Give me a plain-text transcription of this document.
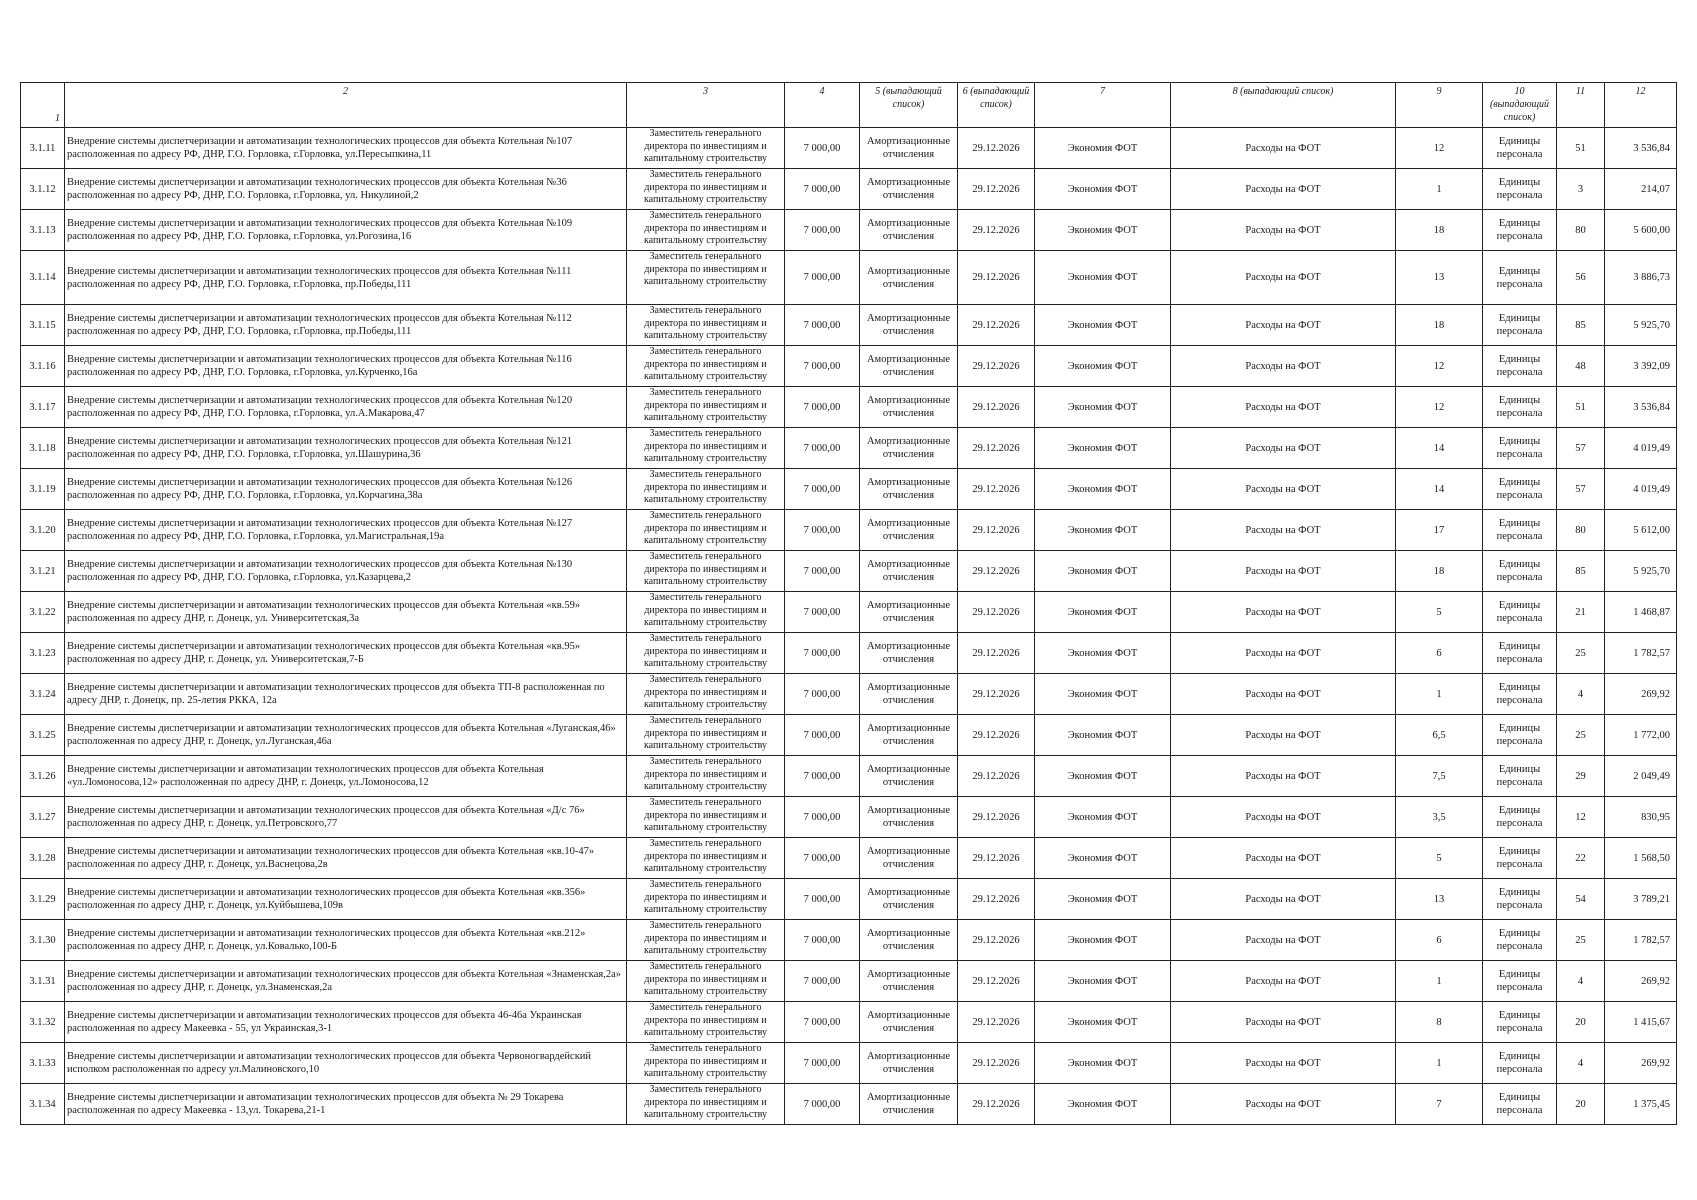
1	2	3	4	5 (выпадающий список)	6 (выпадающий список)	7	8 (выпадающий список)	9	10 (выпадающий список)	11	12
3.1.11	Внедрение системы диспетчеризации и автоматизации технологических процессов для объекта Котельная №107 расположенная по адресу РФ, ДНР, Г.О. Горловка, г.Горловка, ул.Пересыпкина,11	Заместитель генерального директора по инвестициям и капитальному строительству	7 000,00	Амортизационные отчисления	29.12.2026	Экономия ФОТ	Расходы на ФОТ	12	Единицы персонала	51	3 536,84
3.1.12	Внедрение системы диспетчеризации и автоматизации технологических процессов для объекта Котельная №36 расположенная по адресу РФ, ДНР, Г.О. Горловка, г.Горловка, ул. Никулиной,2	Заместитель генерального директора по инвестициям и капитальному строительству	7 000,00	Амортизационные отчисления	29.12.2026	Экономия ФОТ	Расходы на ФОТ	1	Единицы персонала	3	214,07
3.1.13	Внедрение системы диспетчеризации и автоматизации технологических процессов для объекта Котельная №109 расположенная по адресу РФ, ДНР, Г.О. Горловка, г.Горловка, ул.Рогозина,16	Заместитель генерального директора по инвестициям и капитальному строительству	7 000,00	Амортизационные отчисления	29.12.2026	Экономия ФОТ	Расходы на ФОТ	18	Единицы персонала	80	5 600,00
3.1.14	Внедрение системы диспетчеризации и автоматизации технологических процессов для объекта Котельная №111 расположенная по адресу РФ, ДНР, Г.О. Горловка, г.Горловка, пр.Победы,111	Заместитель генерального директора по инвестициям и капитальному строительству	7 000,00	Амортизационные отчисления	29.12.2026	Экономия ФОТ	Расходы на ФОТ	13	Единицы персонала	56	3 886,73
3.1.15	Внедрение системы диспетчеризации и автоматизации технологических процессов для объекта Котельная №112 расположенная по адресу РФ, ДНР, Г.О. Горловка, г.Горловка, пр.Победы,111	Заместитель генерального директора по инвестициям и капитальному строительству	7 000,00	Амортизационные отчисления	29.12.2026	Экономия ФОТ	Расходы на ФОТ	18	Единицы персонала	85	5 925,70
3.1.16	Внедрение системы диспетчеризации и автоматизации технологических процессов для объекта Котельная №116 расположенная по адресу РФ, ДНР, Г.О. Горловка, г.Горловка, ул.Курченко,16а	Заместитель генерального директора по инвестициям и капитальному строительству	7 000,00	Амортизационные отчисления	29.12.2026	Экономия ФОТ	Расходы на ФОТ	12	Единицы персонала	48	3 392,09
3.1.17	Внедрение системы диспетчеризации и автоматизации технологических процессов для объекта Котельная №120 расположенная по адресу РФ, ДНР, Г.О. Горловка, г.Горловка, ул.А.Макарова,47	Заместитель генерального директора по инвестициям и капитальному строительству	7 000,00	Амортизационные отчисления	29.12.2026	Экономия ФОТ	Расходы на ФОТ	12	Единицы персонала	51	3 536,84
3.1.18	Внедрение системы диспетчеризации и автоматизации технологических процессов для объекта Котельная №121 расположенная по адресу РФ, ДНР, Г.О. Горловка, г.Горловка, ул.Шашурина,36	Заместитель генерального директора по инвестициям и капитальному строительству	7 000,00	Амортизационные отчисления	29.12.2026	Экономия ФОТ	Расходы на ФОТ	14	Единицы персонала	57	4 019,49
3.1.19	Внедрение системы диспетчеризации и автоматизации технологических процессов для объекта Котельная №126 расположенная по адресу РФ, ДНР, Г.О. Горловка, г.Горловка, ул.Корчагина,38а	Заместитель генерального директора по инвестициям и капитальному строительству	7 000,00	Амортизационные отчисления	29.12.2026	Экономия ФОТ	Расходы на ФОТ	14	Единицы персонала	57	4 019,49
3.1.20	Внедрение системы диспетчеризации и автоматизации технологических процессов для объекта Котельная №127 расположенная по адресу РФ, ДНР, Г.О. Горловка, г.Горловка, ул.Магистральная,19а	Заместитель генерального директора по инвестициям и капитальному строительству	7 000,00	Амортизационные отчисления	29.12.2026	Экономия ФОТ	Расходы на ФОТ	17	Единицы персонала	80	5 612,00
3.1.21	Внедрение системы диспетчеризации и автоматизации технологических процессов для объекта Котельная №130 расположенная по адресу РФ, ДНР, Г.О. Горловка, г.Горловка, ул.Казарцева,2	Заместитель генерального директора по инвестициям и капитальному строительству	7 000,00	Амортизационные отчисления	29.12.2026	Экономия ФОТ	Расходы на ФОТ	18	Единицы персонала	85	5 925,70
3.1.22	Внедрение системы диспетчеризации и автоматизации технологических процессов для объекта Котельная «кв.59» расположенная по адресу ДНР, г. Донецк, ул. Университетская,3а	Заместитель генерального директора по инвестициям и капитальному строительству	7 000,00	Амортизационные отчисления	29.12.2026	Экономия ФОТ	Расходы на ФОТ	5	Единицы персонала	21	1 468,87
3.1.23	Внедрение системы диспетчеризации и автоматизации технологических процессов для объекта Котельная «кв.95» расположенная по адресу ДНР, г. Донецк, ул. Университетская,7-Б	Заместитель генерального директора по инвестициям и капитальному строительству	7 000,00	Амортизационные отчисления	29.12.2026	Экономия ФОТ	Расходы на ФОТ	6	Единицы персонала	25	1 782,57
3.1.24	Внедрение системы диспетчеризации и автоматизации технологических процессов для объекта ТП-8 расположенная по адресу ДНР, г. Донецк, пр. 25-летия РККА, 12а	Заместитель генерального директора по инвестициям и капитальному строительству	7 000,00	Амортизационные отчисления	29.12.2026	Экономия ФОТ	Расходы на ФОТ	1	Единицы персонала	4	269,92
3.1.25	Внедрение системы диспетчеризации и автоматизации технологических процессов для объекта Котельная «Луганская,46» расположенная по адресу ДНР, г. Донецк, ул.Луганская,46а	Заместитель генерального директора по инвестициям и капитальному строительству	7 000,00	Амортизационные отчисления	29.12.2026	Экономия ФОТ	Расходы на ФОТ	6,5	Единицы персонала	25	1 772,00
3.1.26	Внедрение системы диспетчеризации и автоматизации технологических процессов для объекта Котельная «ул.Ломоносова,12» расположенная по адресу ДНР, г. Донецк, ул.Ломоносова,12	Заместитель генерального директора по инвестициям и капитальному строительству	7 000,00	Амортизационные отчисления	29.12.2026	Экономия ФОТ	Расходы на ФОТ	7,5	Единицы персонала	29	2 049,49
3.1.27	Внедрение системы диспетчеризации и автоматизации технологических процессов для объекта Котельная «Д/с 76» расположенная по адресу ДНР, г. Донецк, ул.Петровского,77	Заместитель генерального директора по инвестициям и капитальному строительству	7 000,00	Амортизационные отчисления	29.12.2026	Экономия ФОТ	Расходы на ФОТ	3,5	Единицы персонала	12	830,95
3.1.28	Внедрение системы диспетчеризации и автоматизации технологических процессов для объекта Котельная «кв.10-47» расположенная по адресу ДНР, г. Донецк, ул.Васнецова,2в	Заместитель генерального директора по инвестициям и капитальному строительству	7 000,00	Амортизационные отчисления	29.12.2026	Экономия ФОТ	Расходы на ФОТ	5	Единицы персонала	22	1 568,50
3.1.29	Внедрение системы диспетчеризации и автоматизации технологических процессов для объекта Котельная «кв.356» расположенная по адресу ДНР, г. Донецк, ул.Куйбышева,109в	Заместитель генерального директора по инвестициям и капитальному строительству	7 000,00	Амортизационные отчисления	29.12.2026	Экономия ФОТ	Расходы на ФОТ	13	Единицы персонала	54	3 789,21
3.1.30	Внедрение системы диспетчеризации и автоматизации технологических процессов для объекта Котельная «кв.212» расположенная по адресу ДНР, г. Донецк, ул.Ковалько,100-Б	Заместитель генерального директора по инвестициям и капитальному строительству	7 000,00	Амортизационные отчисления	29.12.2026	Экономия ФОТ	Расходы на ФОТ	6	Единицы персонала	25	1 782,57
3.1.31	Внедрение системы диспетчеризации и автоматизации технологических процессов для объекта Котельная «Знаменская,2а» расположенная по адресу ДНР, г. Донецк, ул.Знаменская,2а	Заместитель генерального директора по инвестициям и капитальному строительству	7 000,00	Амортизационные отчисления	29.12.2026	Экономия ФОТ	Расходы на ФОТ	1	Единицы персонала	4	269,92
3.1.32	Внедрение системы диспетчеризации и автоматизации технологических процессов для объекта 46-46а Украинская расположенная по адресу Макеевка - 55, ул Украинская,3-1	Заместитель генерального директора по инвестициям и капитальному строительству	7 000,00	Амортизационные отчисления	29.12.2026	Экономия ФОТ	Расходы на ФОТ	8	Единицы персонала	20	1 415,67
3.1.33	Внедрение системы диспетчеризации и автоматизации технологических процессов для объекта Червоногвардейский исполком расположенная по адресу ул.Малиновского,10	Заместитель генерального директора по инвестициям и капитальному строительству	7 000,00	Амортизационные отчисления	29.12.2026	Экономия ФОТ	Расходы на ФОТ	1	Единицы персонала	4	269,92
3.1.34	Внедрение системы диспетчеризации и автоматизации технологических процессов для объекта № 29 Токарева расположенная по адресу Макеевка - 13,ул. Токарева,21-1	Заместитель генерального директора по инвестициям и капитальному строительству	7 000,00	Амортизационные отчисления	29.12.2026	Экономия ФОТ	Расходы на ФОТ	7	Единицы персонала	20	1 375,45
